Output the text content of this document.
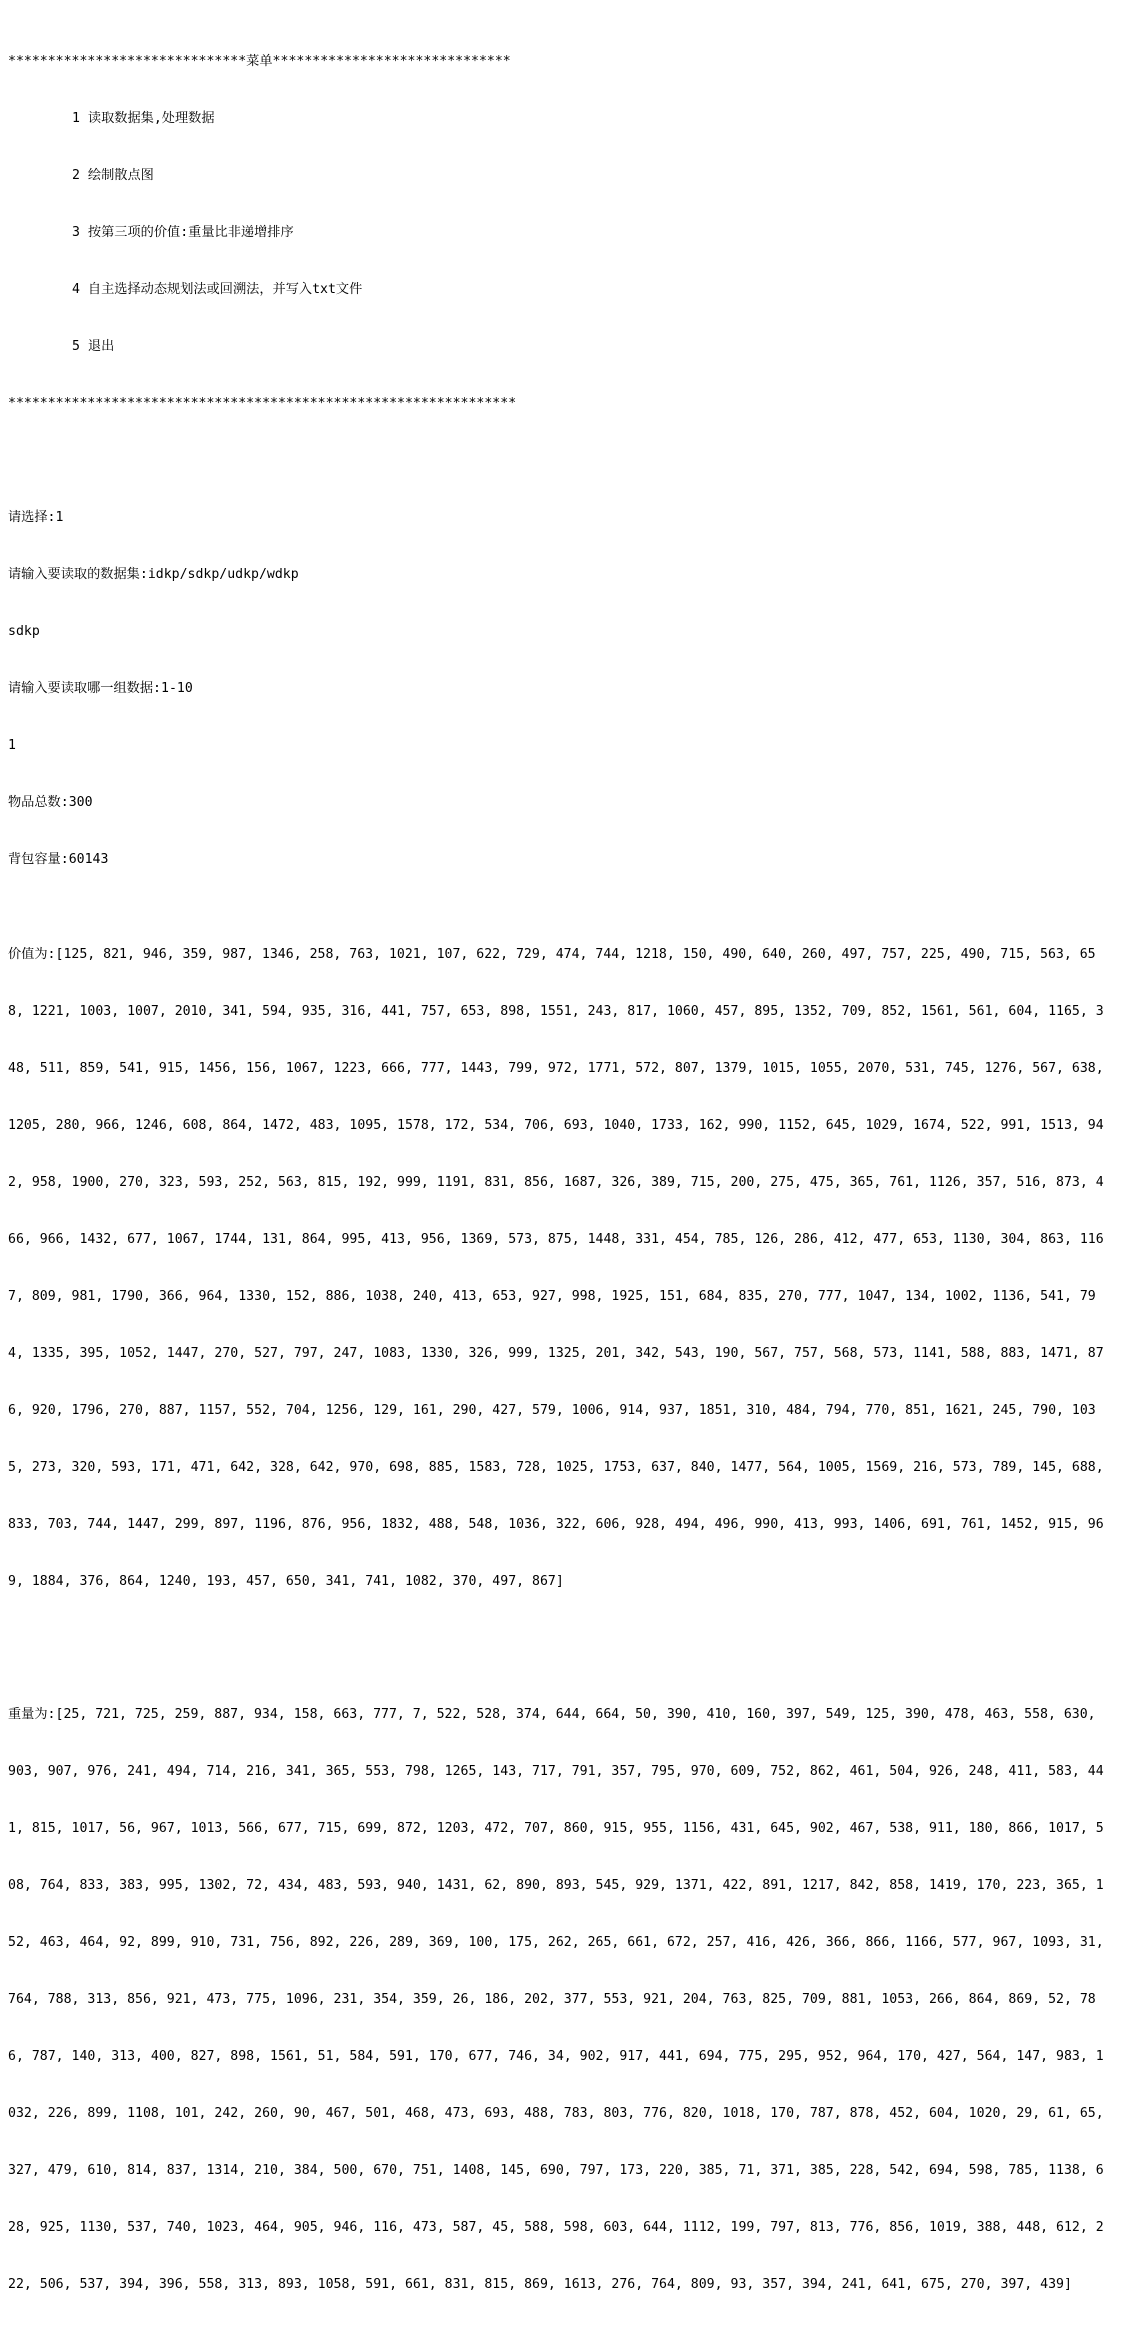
******************************菜单******************************

1 读取数据集,处理数据

2 绘制散点图

3 按第三项的价值:重量比非递增排序

4 自主选择动态规划法或回溯法，并写入txt文件

5 退出

****************************************************************

请选择:1

请输入要读取的数据集:idkp/sdkp/udkp/wdkp

sdkp

请输入要读取哪一组数据:1-10

1

物品总数:300

背包容量:60143

价值为:[125, 821, 946, 359, 987, 1346, 258, 763, 1021, 107, 622, 729, 474, 744, 1218, 150, 490, 640, 260, 497, 757, 225, 490, 715, 563, 65

8, 1221, 1003, 1007, 2010, 341, 594, 935, 316, 441, 757, 653, 898, 1551, 243, 817, 1060, 457, 895, 1352, 709, 852, 1561, 561, 604, 1165, 3

48, 511, 859, 541, 915, 1456, 156, 1067, 1223, 666, 777, 1443, 799, 972, 1771, 572, 807, 1379, 1015, 1055, 2070, 531, 745, 1276, 567, 638,

1205, 280, 966, 1246, 608, 864, 1472, 483, 1095, 1578, 172, 534, 706, 693, 1040, 1733, 162, 990, 1152, 645, 1029, 1674, 522, 991, 1513, 94

2, 958, 1900, 270, 323, 593, 252, 563, 815, 192, 999, 1191, 831, 856, 1687, 326, 389, 715, 200, 275, 475, 365, 761, 1126, 357, 516, 873, 4

66, 966, 1432, 677, 1067, 1744, 131, 864, 995, 413, 956, 1369, 573, 875, 1448, 331, 454, 785, 126, 286, 412, 477, 653, 1130, 304, 863, 116

7, 809, 981, 1790, 366, 964, 1330, 152, 886, 1038, 240, 413, 653, 927, 998, 1925, 151, 684, 835, 270, 777, 1047, 134, 1002, 1136, 541, 79

4, 1335, 395, 1052, 1447, 270, 527, 797, 247, 1083, 1330, 326, 999, 1325, 201, 342, 543, 190, 567, 757, 568, 573, 1141, 588, 883, 1471, 87

6, 920, 1796, 270, 887, 1157, 552, 704, 1256, 129, 161, 290, 427, 579, 1006, 914, 937, 1851, 310, 484, 794, 770, 851, 1621, 245, 790, 103

5, 273, 320, 593, 171, 471, 642, 328, 642, 970, 698, 885, 1583, 728, 1025, 1753, 637, 840, 1477, 564, 1005, 1569, 216, 573, 789, 145, 688,

833, 703, 744, 1447, 299, 897, 1196, 876, 956, 1832, 488, 548, 1036, 322, 606, 928, 494, 496, 990, 413, 993, 1406, 691, 761, 1452, 915, 96

9, 1884, 376, 864, 1240, 193, 457, 650, 341, 741, 1082, 370, 497, 867]

重量为:[25, 721, 725, 259, 887, 934, 158, 663, 777, 7, 522, 528, 374, 644, 664, 50, 390, 410, 160, 397, 549, 125, 390, 478, 463, 558, 630,

903, 907, 976, 241, 494, 714, 216, 341, 365, 553, 798, 1265, 143, 717, 791, 357, 795, 970, 609, 752, 862, 461, 504, 926, 248, 411, 583, 44

1, 815, 1017, 56, 967, 1013, 566, 677, 715, 699, 872, 1203, 472, 707, 860, 915, 955, 1156, 431, 645, 902, 467, 538, 911, 180, 866, 1017, 5

08, 764, 833, 383, 995, 1302, 72, 434, 483, 593, 940, 1431, 62, 890, 893, 545, 929, 1371, 422, 891, 1217, 842, 858, 1419, 170, 223, 365, 1

52, 463, 464, 92, 899, 910, 731, 756, 892, 226, 289, 369, 100, 175, 262, 265, 661, 672, 257, 416, 426, 366, 866, 1166, 577, 967, 1093, 31,

764, 788, 313, 856, 921, 473, 775, 1096, 231, 354, 359, 26, 186, 202, 377, 553, 921, 204, 763, 825, 709, 881, 1053, 266, 864, 869, 52, 78

6, 787, 140, 313, 400, 827, 898, 1561, 51, 584, 591, 170, 677, 746, 34, 902, 917, 441, 694, 775, 295, 952, 964, 170, 427, 564, 147, 983, 1

032, 226, 899, 1108, 101, 242, 260, 90, 467, 501, 468, 473, 693, 488, 783, 803, 776, 820, 1018, 170, 787, 878, 452, 604, 1020, 29, 61, 65,

327, 479, 610, 814, 837, 1314, 210, 384, 500, 670, 751, 1408, 145, 690, 797, 173, 220, 385, 71, 371, 385, 228, 542, 694, 598, 785, 1138, 6

28, 925, 1130, 537, 740, 1023, 464, 905, 946, 116, 473, 587, 45, 588, 598, 603, 644, 1112, 199, 797, 813, 776, 856, 1019, 388, 448, 612, 2

22, 506, 537, 394, 396, 558, 313, 893, 1058, 591, 661, 831, 815, 869, 1613, 276, 764, 809, 93, 357, 394, 241, 641, 675, 270, 397, 439]
